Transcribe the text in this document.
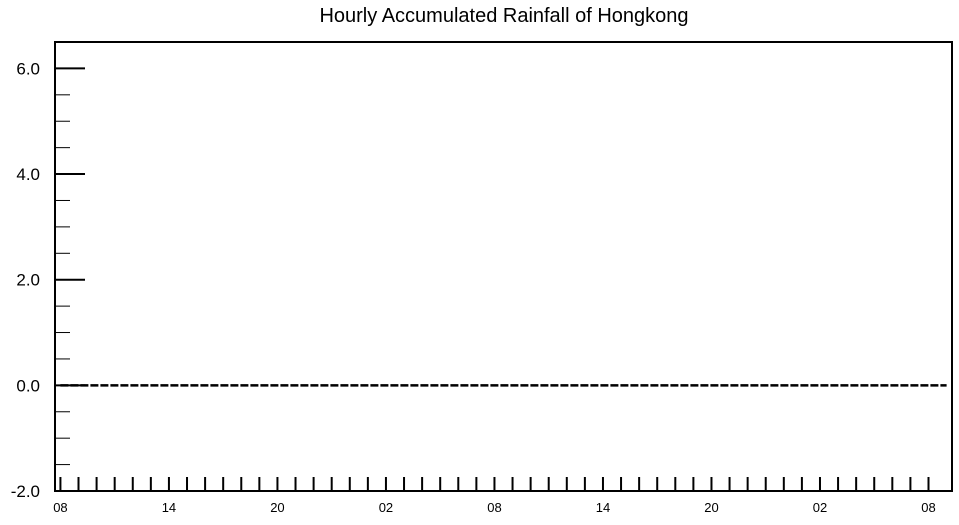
Hourly Accumulated Rainfall of Hongkong
-2.0
0.0
2.0
4.0
6.0
08	14	20	02	08	14	20	02	08
